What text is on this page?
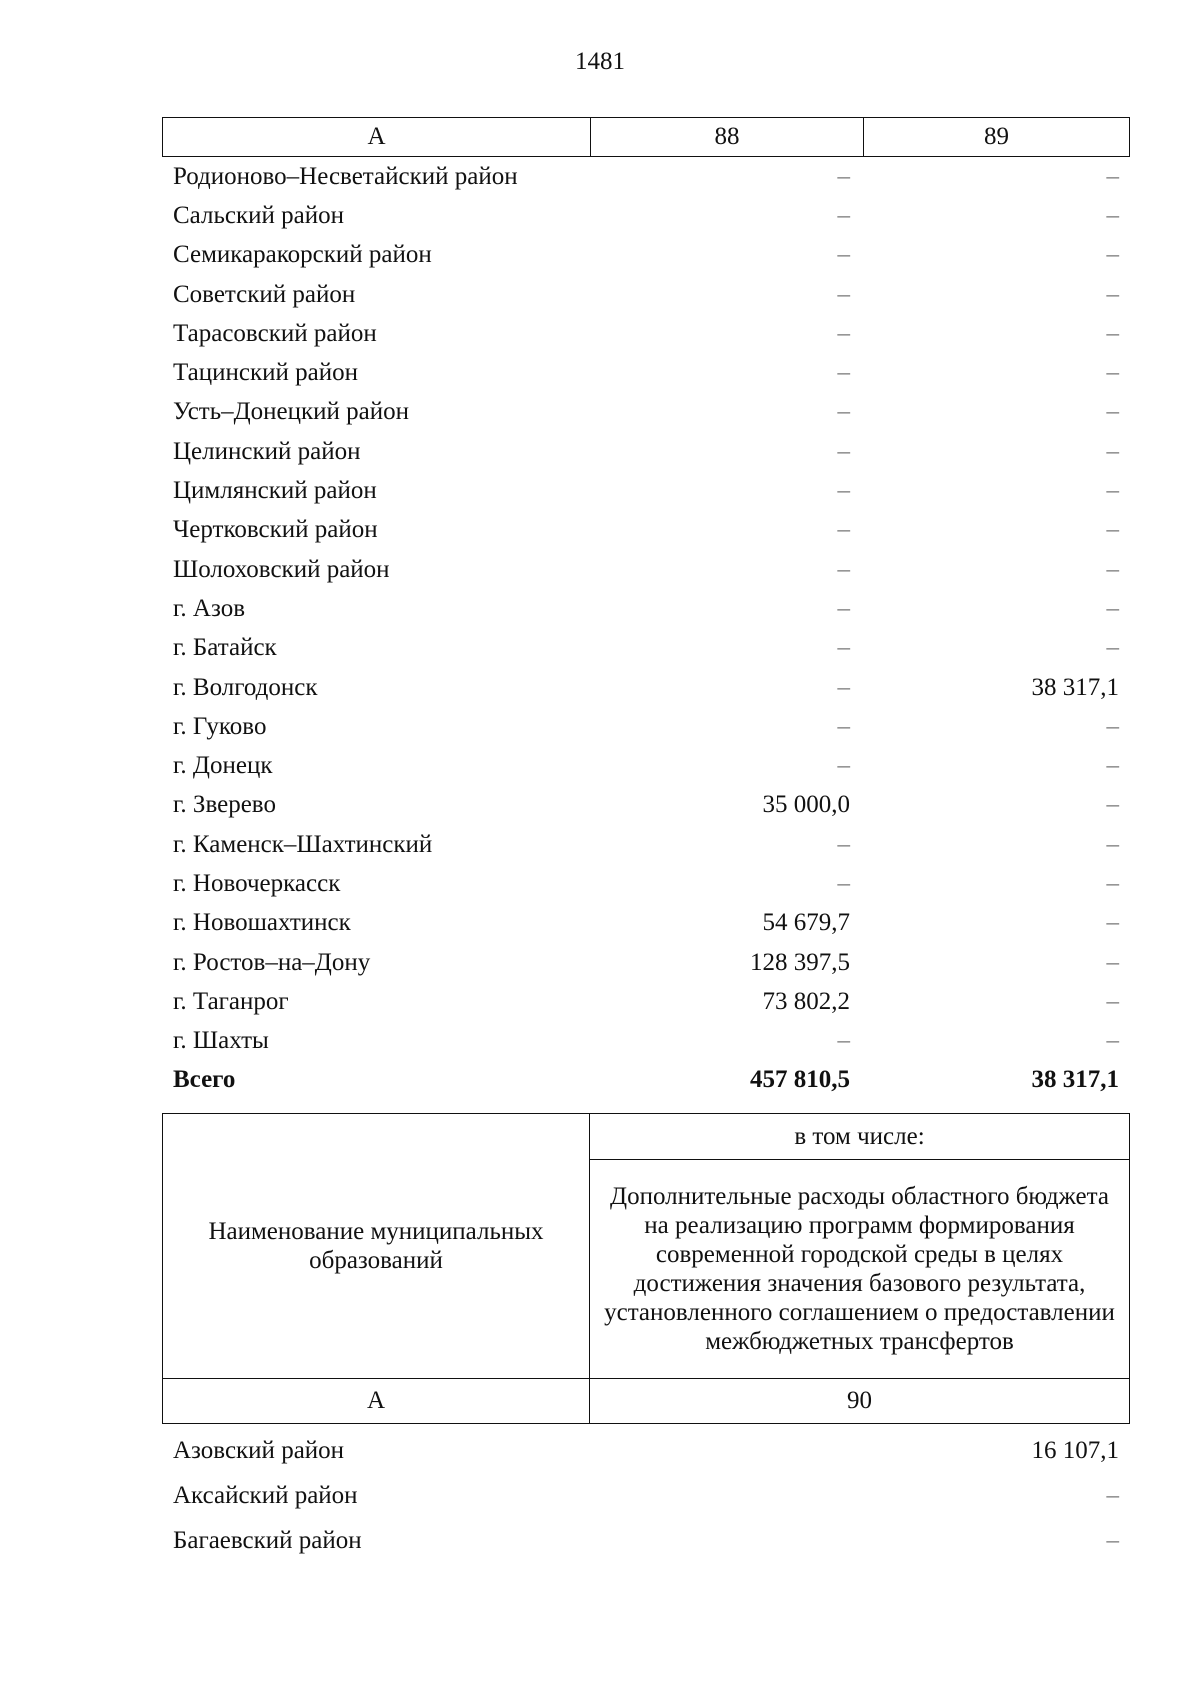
1481
А	88	89
Родионово–Несветайский район	–	–
Сальский район	–	–
Семикаракорский район	–	–
Советский район	–	–
Тарасовский район	–	–
Тацинский район	–	–
Усть–Донецкий район	–	–
Целинский район	–	–
Цимлянский район	–	–
Чертковский район	–	–
Шолоховский район	–	–
г. Азов	–	–
г. Батайск	–	–
г. Волгодонск	–	38 317,1
г. Гуково	–	–
г. Донецк	–	–
г. Зверево	35 000,0	–
г. Каменск–Шахтинский	–	–
г. Новочеркасск	–	–
г. Новошахтинск	54 679,7	–
г. Ростов–на–Дону	128 397,5	–
г. Таганрог	73 802,2	–
г. Шахты	–	–
Всего	457 810,5	38 317,1
Наименование муниципальных образований
в том числе:
Дополнительные расходы областного бюджета на реализацию программ формирования современной городской среды в целях достижения значения базового результата, установленного соглашением о предоставлении межбюджетных трансфертов
А	90
Азовский район	16 107,1
Аксайский район	–
Багаевский район	–
